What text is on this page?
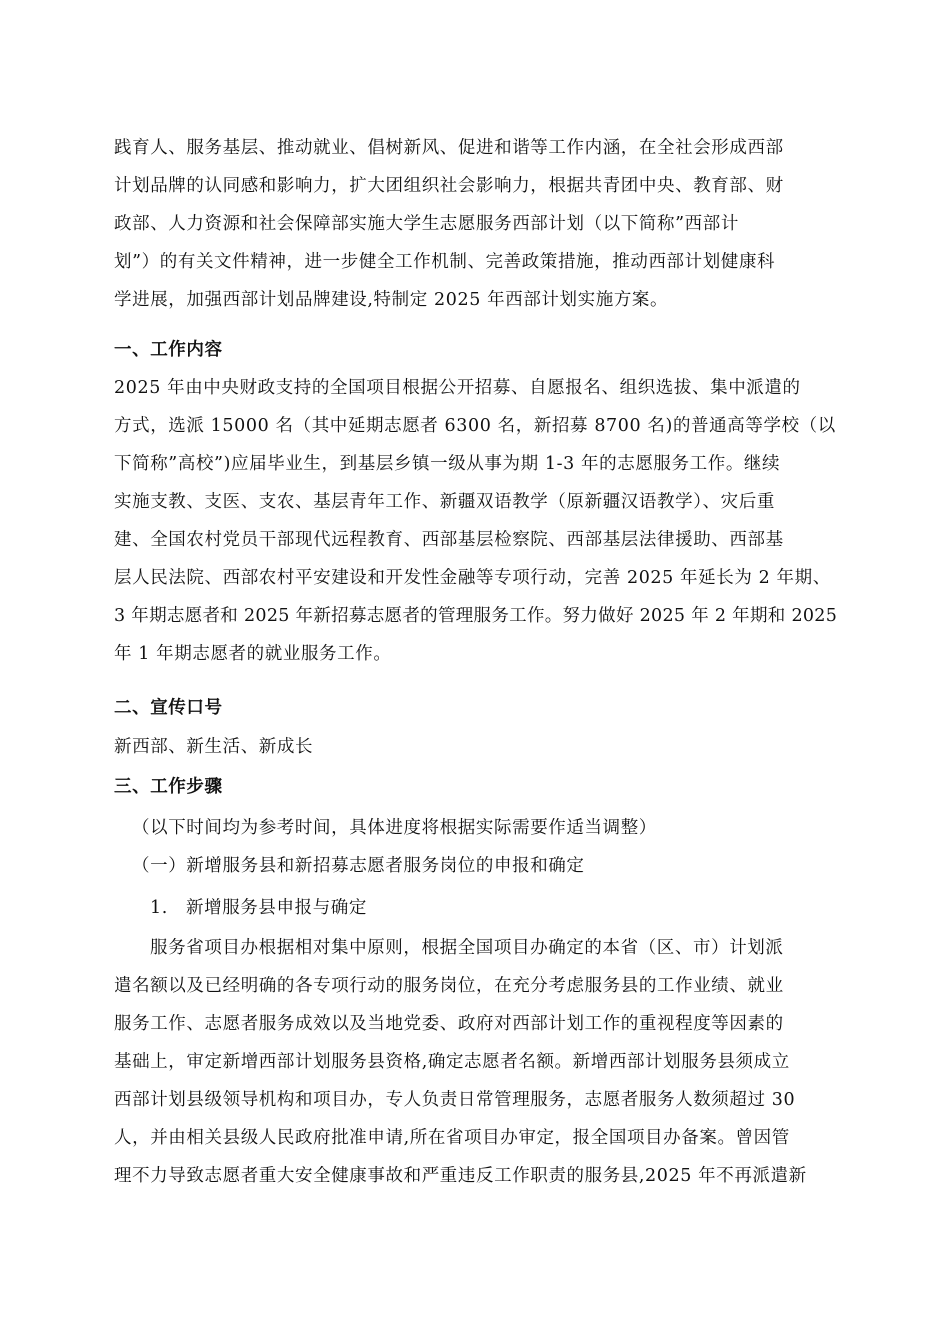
践育人、服务基层、推动就业、倡树新风、促进和谐等工作内涵，在全社会形成西部
计划品牌的认同感和影响力，扩大团组织社会影响力，根据共青团中央、教育部、财
政部、人力资源和社会保障部实施大学生志愿服务西部计划（以下简称”西部计
划”）的有关文件精神，进一步健全工作机制、完善政策措施，推动西部计划健康科
学进展，加强西部计划品牌建设,特制定 2025 年西部计划实施方案。
一、工作内容
2025 年由中央财政支持的全国项目根据公开招募、自愿报名、组织选拔、集中派遣的
方式，选派 15000 名（其中延期志愿者 6300 名，新招募 8700 名)的普通高等学校（以
下简称”高校”)应届毕业生，到基层乡镇一级从事为期 1-3 年的志愿服务工作。继续
实施支教、支医、支农、基层青年工作、新疆双语教学（原新疆汉语教学）、灾后重
建、全国农村党员干部现代远程教育、西部基层检察院、西部基层法律援助、西部基
层人民法院、西部农村平安建设和开发性金融等专项行动，完善 2025 年延长为 2 年期、
3 年期志愿者和 2025 年新招募志愿者的管理服务工作。努力做好 2025 年 2 年期和 2025
年 1 年期志愿者的就业服务工作。
二、宣传口号
新西部、新生活、新成长
三、工作步骤
（以下时间均为参考时间，具体进度将根据实际需要作适当调整）
（一）新增服务县和新招募志愿者服务岗位的申报和确定
1.　新增服务县申报与确定
服务省项目办根据相对集中原则，根据全国项目办确定的本省（区、市）计划派
遣名额以及已经明确的各专项行动的服务岗位，在充分考虑服务县的工作业绩、就业
服务工作、志愿者服务成效以及当地党委、政府对西部计划工作的重视程度等因素的
基础上，审定新增西部计划服务县资格,确定志愿者名额。新增西部计划服务县须成立
西部计划县级领导机构和项目办，专人负责日常管理服务，志愿者服务人数须超过 30
人，并由相关县级人民政府批准申请,所在省项目办审定，报全国项目办备案。曾因管
理不力导致志愿者重大安全健康事故和严重违反工作职责的服务县,2025 年不再派遣新
